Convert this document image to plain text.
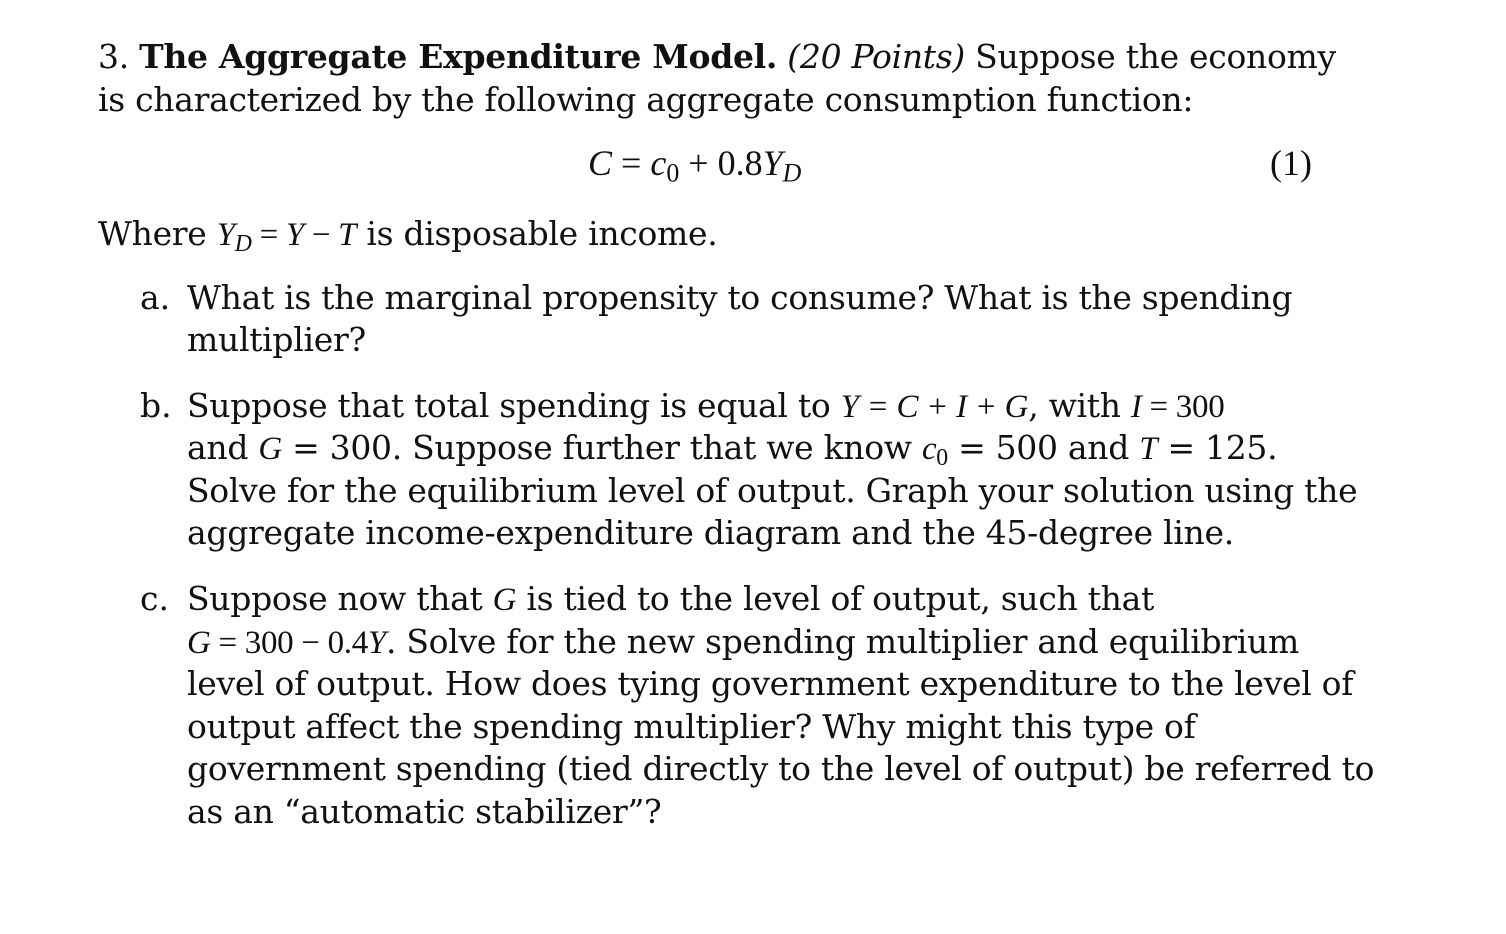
3. The Aggregate Expenditure Model. (20 Points) Suppose the economy
is characterized by the following aggregate consumption function:
$C = c_0 + 0.8Y_D$	(1)
Where $Y_D = Y - T$ is disposable income.
a. What is the marginal propensity to consume? What is the spending
multiplier?
b. Suppose that total spending is equal to Y = C + I + G, with I = 300
and G = 300. Suppose further that we know $c_0 = 500$ and T = 125.
Solve for the equilibrium level of output. Graph your solution using the
aggregate income-expenditure diagram and the 45-degree line.
c. Suppose now that G is tied to the level of output, such that
G = 300 − 0.4Y. Solve for the new spending multiplier and equilibrium
level of output. How does tying government expenditure to the level of
output affect the spending multiplier? Why might this type of
government spending (tied directly to the level of output) be referred to
as an “automatic stabilizer”?
